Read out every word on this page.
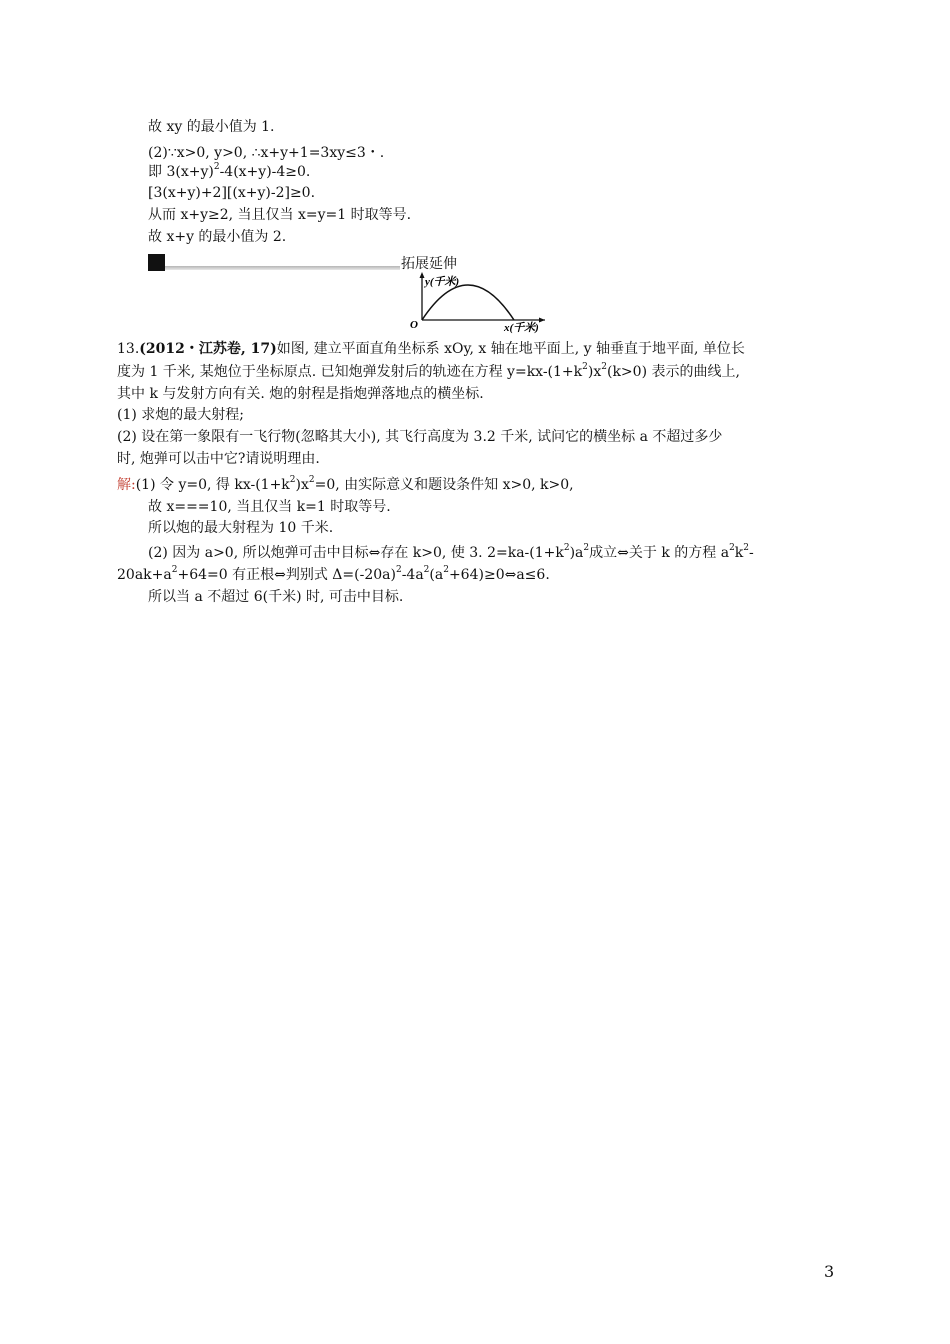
故 xy 的最小值为 1.
(2)∵x>0, y>0, ∴x+y+1=3xy≤3・.
即 $3(x+y)^2-4(x+y)-4\ge 0$.
[3(x+y)+2][(x+y)-2]≥0.
从而 x+y≥2, 当且仅当 x=y=1 时取等号.
故 x+y 的最小值为 2.
拓展延伸
y(千米)
x(千米)
O
13.(2012・江苏卷, 17)如图, 建立平面直角坐标系 xOy, x 轴在地平面上, y 轴垂直于地平面, 单位长
度为 1 千米, 某炮位于坐标原点. 已知炮弹发射后的轨迹在方程 $y=kx-(1+k^2)x^2(k>0)$ 表示的曲线上,
其中 k 与发射方向有关. 炮的射程是指炮弹落地点的横坐标.
(1) 求炮的最大射程;
(2) 设在第一象限有一飞行物(忽略其大小), 其飞行高度为 3.2 千米, 试问它的横坐标 a 不超过多少
时, 炮弹可以击中它?请说明理由.
解:(1) 令 y=0, 得 $kx-(1+k^2)x^2=0$, 由实际意义和题设条件知 x>0, k>0,
故 x===10, 当且仅当 k=1 时取等号.
所以炮的最大射程为 10 千米.
(2) 因为 a>0, 所以炮弹可击中目标⇔存在 k>0, 使 3. $2=ka-(1+k^2)a^2$成立⇔关于 k 的方程 $a^2k^2-$
$20ak+a^2+64=0$ 有正根⇔判别式 $\Delta=(-20a)^2-4a^2(a^2+64)\ge 0\Leftrightarrow a\le 6$.
所以当 a 不超过 6(千米) 时, 可击中目标.
3
